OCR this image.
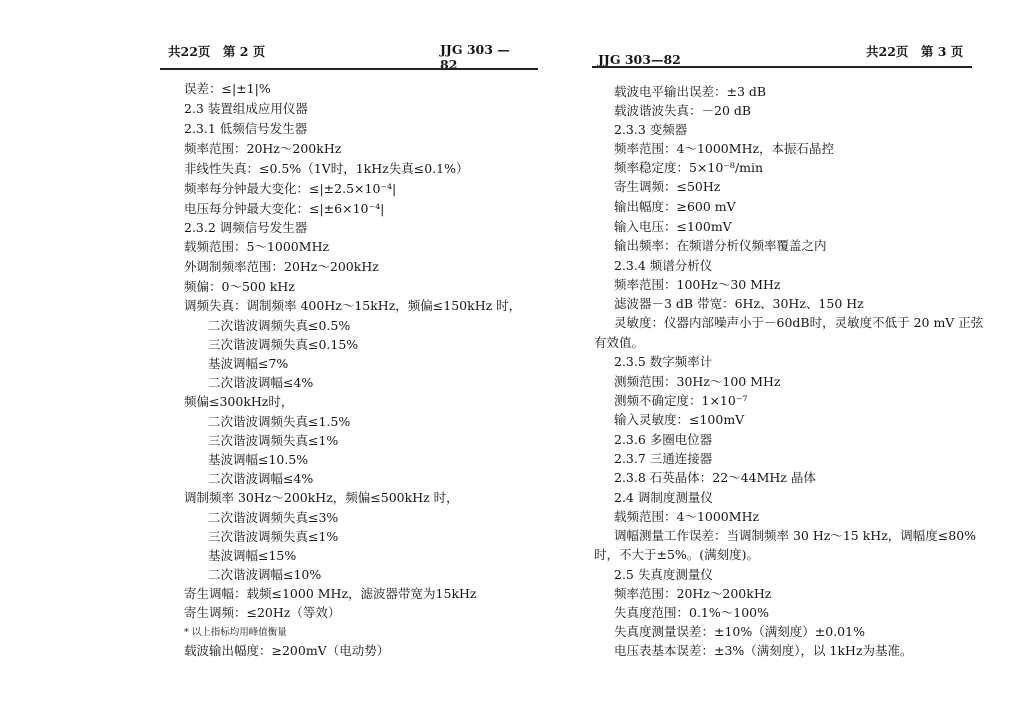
共22页　第 2 页	JJG 303 —82
误差：≤|±1|%
2.3 装置组成应用仪器
2.3.1 低频信号发生器
频率范围：20Hz～200kHz
非线性失真：≤0.5%（1V时，1kHz失真≤0.1%）
频率每分钟最大变化：≤|±2.5×10⁻⁴|
电压每分钟最大变化：≤|±6×10⁻⁴|
2.3.2 调频信号发生器
载频范围：5～1000MHz
外调制频率范围：20Hz～200kHz
频偏：0～500 kHz
调频失真：调制频率 400Hz～15kHz，频偏≤150kHz 时，
二次谐波调频失真≤0.5%
三次谐波调频失真≤0.15%
基波调幅≤7%
二次谐波调幅≤4%
频偏≤300kHz时，
二次谐波调频失真≤1.5%
三次谐波调频失真≤1%
基波调幅≤10.5%
二次谐波调幅≤4%
调制频率 30Hz～200kHz，频偏≤500kHz 时，
二次谐波调频失真≤3%
三次谐波调频失真≤1%
基波调幅≤15%
二次谐波调幅≤10%
寄生调幅：载频≤1000 MHz，滤波器带宽为15kHz
寄生调频：≤20Hz（等效）
* 以上指标均用峰值衡量
载波输出幅度：≥200mV（电动势）
JJG 303—82
共22页　第 3 页
载波电平输出误差：±3 dB
载波谐波失真：－20 dB
2.3.3 变频器
频率范围：4～1000MHz，本振石晶控
频率稳定度：5×10⁻⁸/min
寄生调频：≤50Hz
输出幅度：≥600 mV
输入电压：≤100mV
输出频率：在频谱分析仪频率覆盖之内
2.3.4 频谱分析仪
频率范围：100Hz～30 MHz
滤波器－3 dB 带宽：6Hz、30Hz、150 Hz
灵敏度：仪器内部噪声小于－60dB时，灵敏度不低于 20 mV 正弦
有效值。
2.3.5 数字频率计
测频范围：30Hz～100 MHz
测频不确定度：1×10⁻⁷
输入灵敏度：≤100mV
2.3.6 多圈电位器
2.3.7 三通连接器
2.3.8 石英晶体：22～44MHz 晶体
2.4 调制度测量仪
载频范围：4～1000MHz
调幅测量工作误差：当调制频率 30 Hz～15 kHz，调幅度≤80%
时，不大于±5%。(满刻度)。
2.5 失真度测量仪
频率范围：20Hz～200kHz
失真度范围：0.1%～100%
失真度测量误差：±10%（满刻度）±0.01%
电压表基本误差：±3%（满刻度），以 1kHz为基准。
